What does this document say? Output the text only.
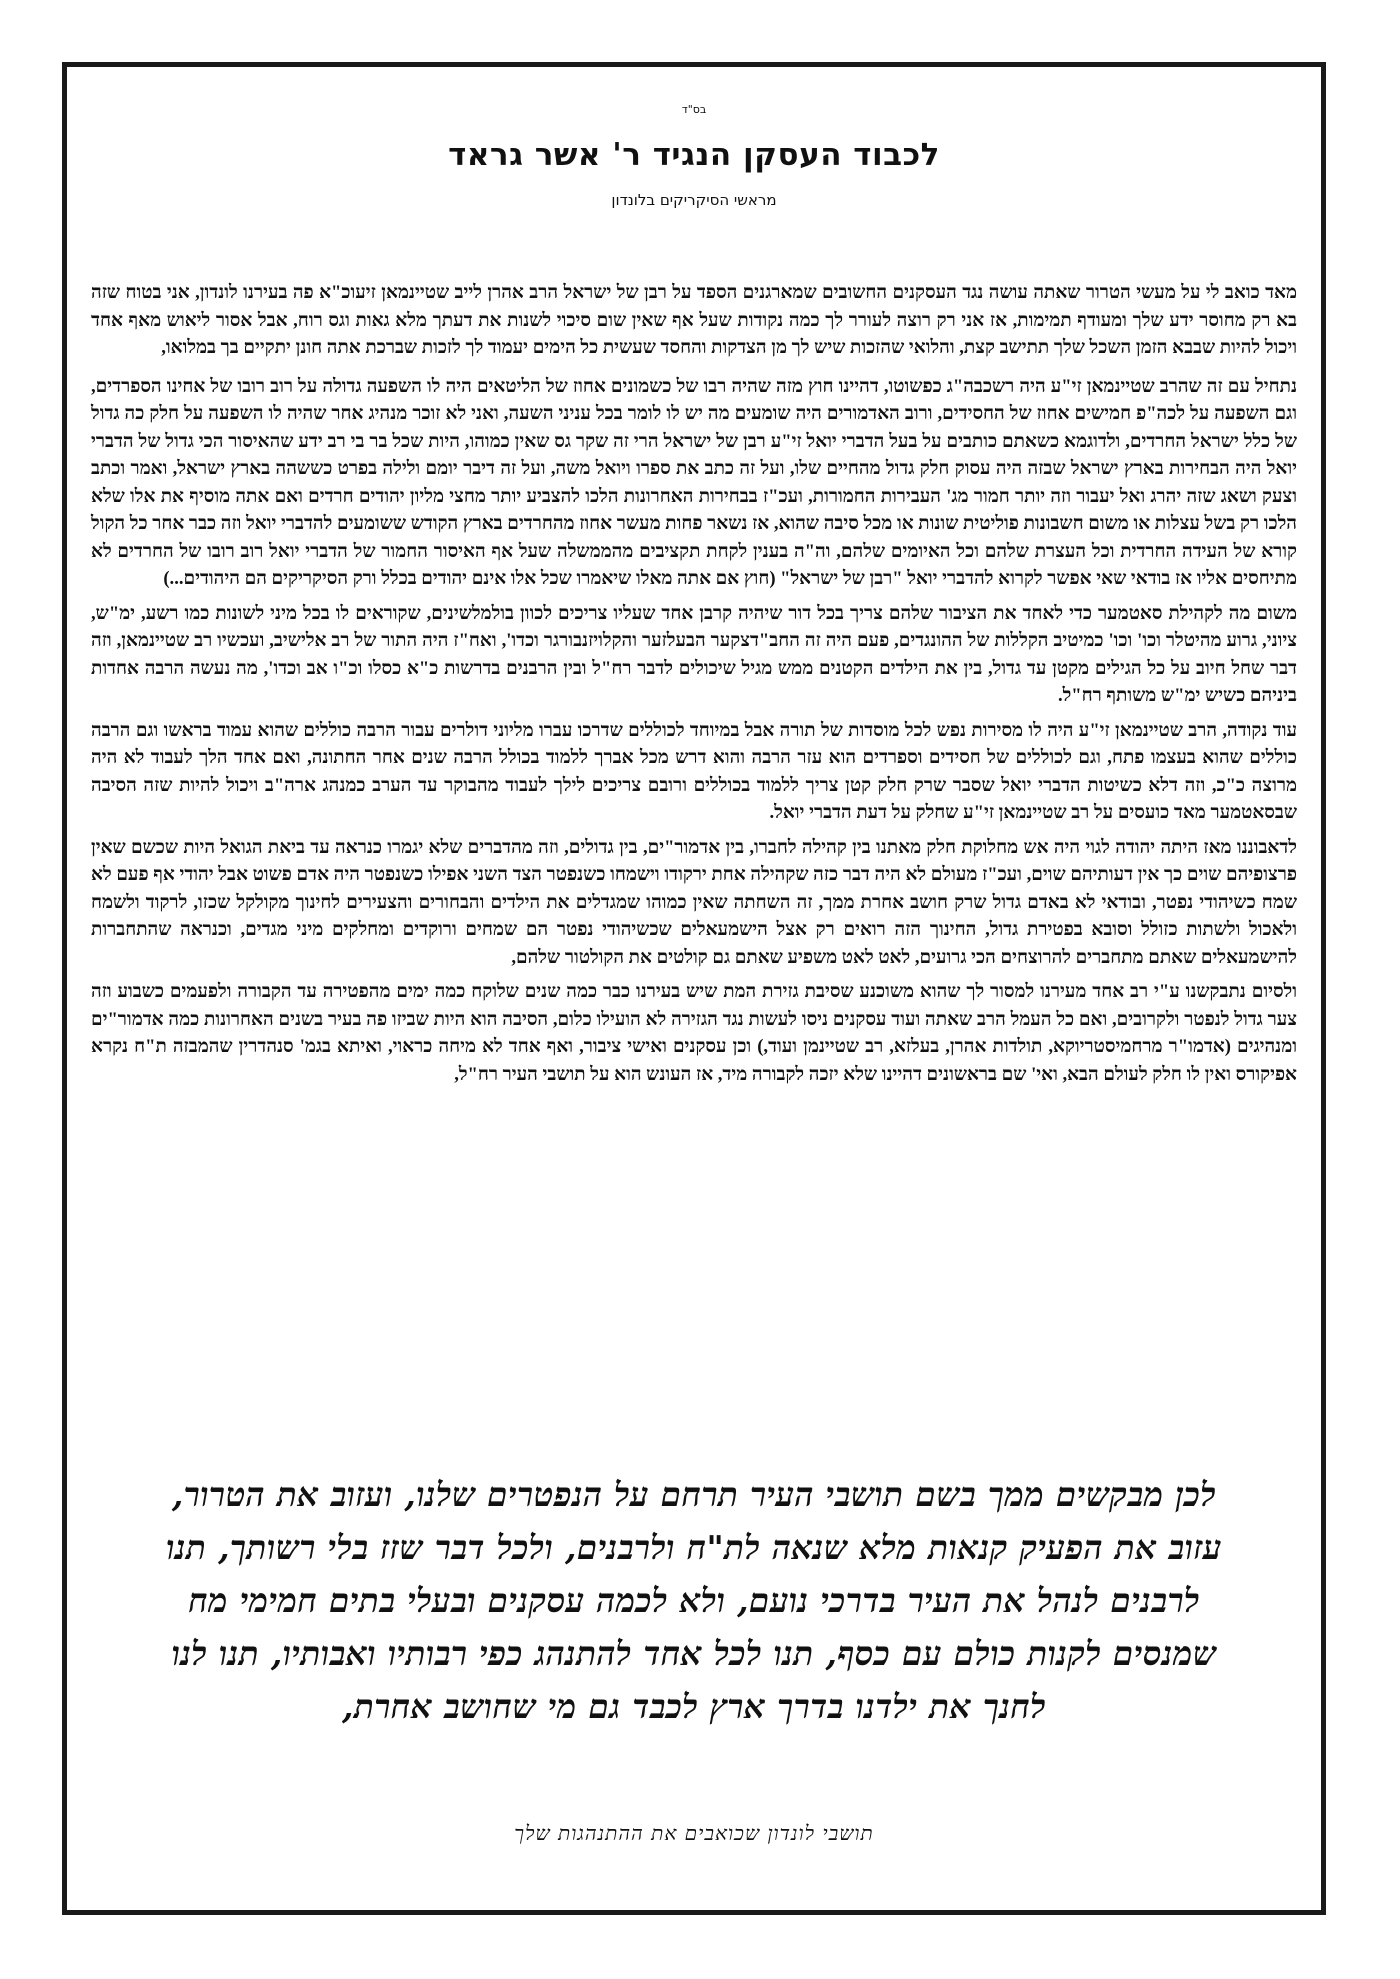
בס"ד
לכבוד העסקן הנגיד ר' אשר גראד
מראשי הסיקריקים בלונדון

מאד כואב לי על מעשי הטרור שאתה עושה נגד העסקנים החשובים שמארגנים הספד על רבן של ישראל הרב אהרן לייב שטיינמאן זיעוכ"א פה בעירנו לונדון, אני בטוח שזה בא רק מחוסר ידע שלך ומעודף תמימות, אז אני רק רוצה לעורר לך כמה נקודות שעל אף שאין שום סיכוי לשנות את דעתך מלא גאות וגס רוח, אבל אסור ליאוש מאף אחד ויכול להיות שבבא הזמן השכל שלך תתישב קצת, והלואי שהזכות שיש לך מן הצדקות והחסד שעשית כל הימים יעמוד לך לזכות שברכת אתה חונן יתקיים בך במלואו,

נתחיל עם זה שהרב שטיינמאן זי"ע היה רשכבה"ג כפשוטו, דהיינו חוץ מזה שהיה רבו של כשמונים אחוז של הליטאים היה לו השפעה גדולה על רוב רובו של אחינו הספרדים, וגם השפעה על לכה"פ חמישים אחוז של החסידים, ורוב האדמורים היה שומעים מה יש לו לומר בכל עניני השעה, ואני לא זוכר מנהיג אחר שהיה לו השפעה על חלק כה גדול של כלל ישראל החרדים, ולדוגמא כשאתם כותבים על בעל הדברי יואל זי"ע רבן של ישראל הרי זה שקר גס שאין כמוהו, היות שכל בר בי רב ידע שהאיסור הכי גדול של הדברי יואל היה הבחירות בארץ ישראל שבזה היה עסוק חלק גדול מהחיים שלו, ועל זה כתב את ספרו ויואל משה, ועל זה דיבר יומם ולילה בפרט כששהה בארץ ישראל, ואמר וכתב וצעק ושאג שזה יהרג ואל יעבור וזה יותר חמור מג' העבירות החמורות, ועכ"ז בבחירות האחרונות הלכו להצביע יותר מחצי מליון יהודים חרדים ואם אתה מוסיף את אלו שלא הלכו רק בשל עצלות או משום חשבונות פוליטית שונות או מכל סיבה שהוא, אז נשאר פחות מעשר אחוז מהחרדים בארץ הקודש ששומעים להדברי יואל וזה כבר אחר כל הקול קורא של העידה החרדית וכל העצרת שלהם וכל האיומים שלהם, וה"ה בענין לקחת תקציבים מהממשלה שעל אף האיסור החמור של הדברי יואל רוב רובו של החרדים לא מתיחסים אליו אז בודאי שאי אפשר לקרוא להדברי יואל "רבן של ישראל" (חוץ אם אתה מאלו שיאמרו שכל אלו אינם יהודים בכלל ורק הסיקריקים הם היהודים...)

משום מה לקהילת סאטמער כדי לאחד את הציבור שלהם צריך בכל דור שיהיה קרבן אחד שעליו צריכים לכוון בולמלשינים, שקוראים לו בכל מיני לשונות כמו רשע, ימ"ש, ציוני, גרוע מהיטלר וכו' וכו' כמיטיב הקללות של ההונגדים, פעם היה זה החב"דצקער הבעלזער והקלויזנבורגר וכדו', ואח"ז היה התור של רב אלישיב, ועכשיו רב שטיינמאן, וזה דבר שחל חיוב על כל הגילים מקטן עד גדול, בין את הילדים הקטנים ממש מגיל שיכולים לדבר רח"ל ובין הרבנים בדרשות כ"א כסלו וכ"ו אב וכדו', מה נעשה הרבה אחדות ביניהם כשיש ימ"ש משותף רח"ל.

עוד נקודה, הרב שטיינמאן זי"ע היה לו מסירות נפש לכל מוסדות של תורה אבל במיוחד לכוללים שדרכו עברו מליוני דולרים עבור הרבה כוללים שהוא עמוד בראשו וגם הרבה כוללים שהוא בעצמו פתח, וגם לכוללים של חסידים וספרדים הוא עזר הרבה והוא דרש מכל אברך ללמוד בכולל הרבה שנים אחר החתונה, ואם אחד הלך לעבוד לא היה מרוצה כ"כ, וזה דלא כשיטות הדברי יואל שסבר שרק חלק קטן צריך ללמוד בכוללים ורובם צריכים לילך לעבוד מהבוקר עד הערב כמנהג ארה"ב ויכול להיות שזה הסיבה שבסאטמער מאד כועסים על רב שטיינמאן זי"ע שחלק על דעת הדברי יואל.

לדאבוננו מאז היתה יהודה לגוי היה אש מחלוקת חלק מאתנו בין קהילה לחברו, בין אדמור"ים, בין גדולים, וזה מהדברים שלא יגמרו כנראה עד ביאת הגואל היות שכשם שאין פרצופיהם שוים כך אין דעותיהם שוים, ועכ"ז מעולם לא היה דבר כזה שקהילה אחת ירקודו וישמחו כשנפטר הצד השני אפילו כשנפטר היה אדם פשוט אבל יהודי אף פעם לא שמח כשיהודי נפטר, ובודאי לא באדם גדול שרק חושב אחרת ממך, זה השחתה שאין כמוהו שמגדלים את הילדים והבחורים והצעירים לחינוך מקולקל שכזו, לרקוד ולשמח ולאכול ולשתות כזולל וסובא בפטירת גדול, החינוך הזה רואים רק אצל הישמעאלים שכשיהודי נפטר הם שמחים ורוקדים ומחלקים מיני מגדים, וכנראה שהתחברות להישמעאלים שאתם מתחברים להרוצחים הכי גרועים, לאט לאט משפיע שאתם גם קולטים את הקולטור שלהם,

ולסיום נתבקשנו ע"י רב אחד מעירנו למסור לך שהוא משוכנע שסיבת גזירת המת שיש בעירנו כבר כמה שנים שלוקח כמה ימים מהפטירה עד הקבורה ולפעמים כשבוע וזה צער גדול לנפטר ולקרובים, ואם כל העמל הרב שאתה ועוד עסקנים ניסו לעשות נגד הגזירה לא הועילו כלום, הסיבה הוא היות שביזו פה בעיר בשנים האחרונות כמה אדמור"ים ומנהיגים (אדמו"ר מרחמיסטריוקא, תולדות אהרן, בעלזא, רב שטיינמן ועוד,) וכן עסקנים ואישי ציבור, ואף אחד לא מיחה כראוי, ואיתא בגמ' סנהדרין שהמבזה ת"ח נקרא אפיקורס ואין לו חלק לעולם הבא, ואי' שם בראשונים דהיינו שלא יזכה לקבורה מיד, אז העונש הוא על תושבי העיר רח"ל,

לכן מבקשים ממך בשם תושבי העיר תרחם על הנפטרים שלנו, ועזוב את הטרור,
עזוב את הפעיק קנאות מלא שנאה לת"ח ולרבנים, ולכל דבר שזז בלי רשותך, תנו
לרבנים לנהל את העיר בדרכי נועם, ולא לכמה עסקנים ובעלי בתים חמימי מח
שמנסים לקנות כולם עם כסף, תנו לכל אחד להתנהג כפי רבותיו ואבותיו, תנו לנו
לחנך את ילדנו בדרך ארץ לכבד גם מי שחושב אחרת,
תושבי לונדון שכואבים את ההתנהגות שלך
